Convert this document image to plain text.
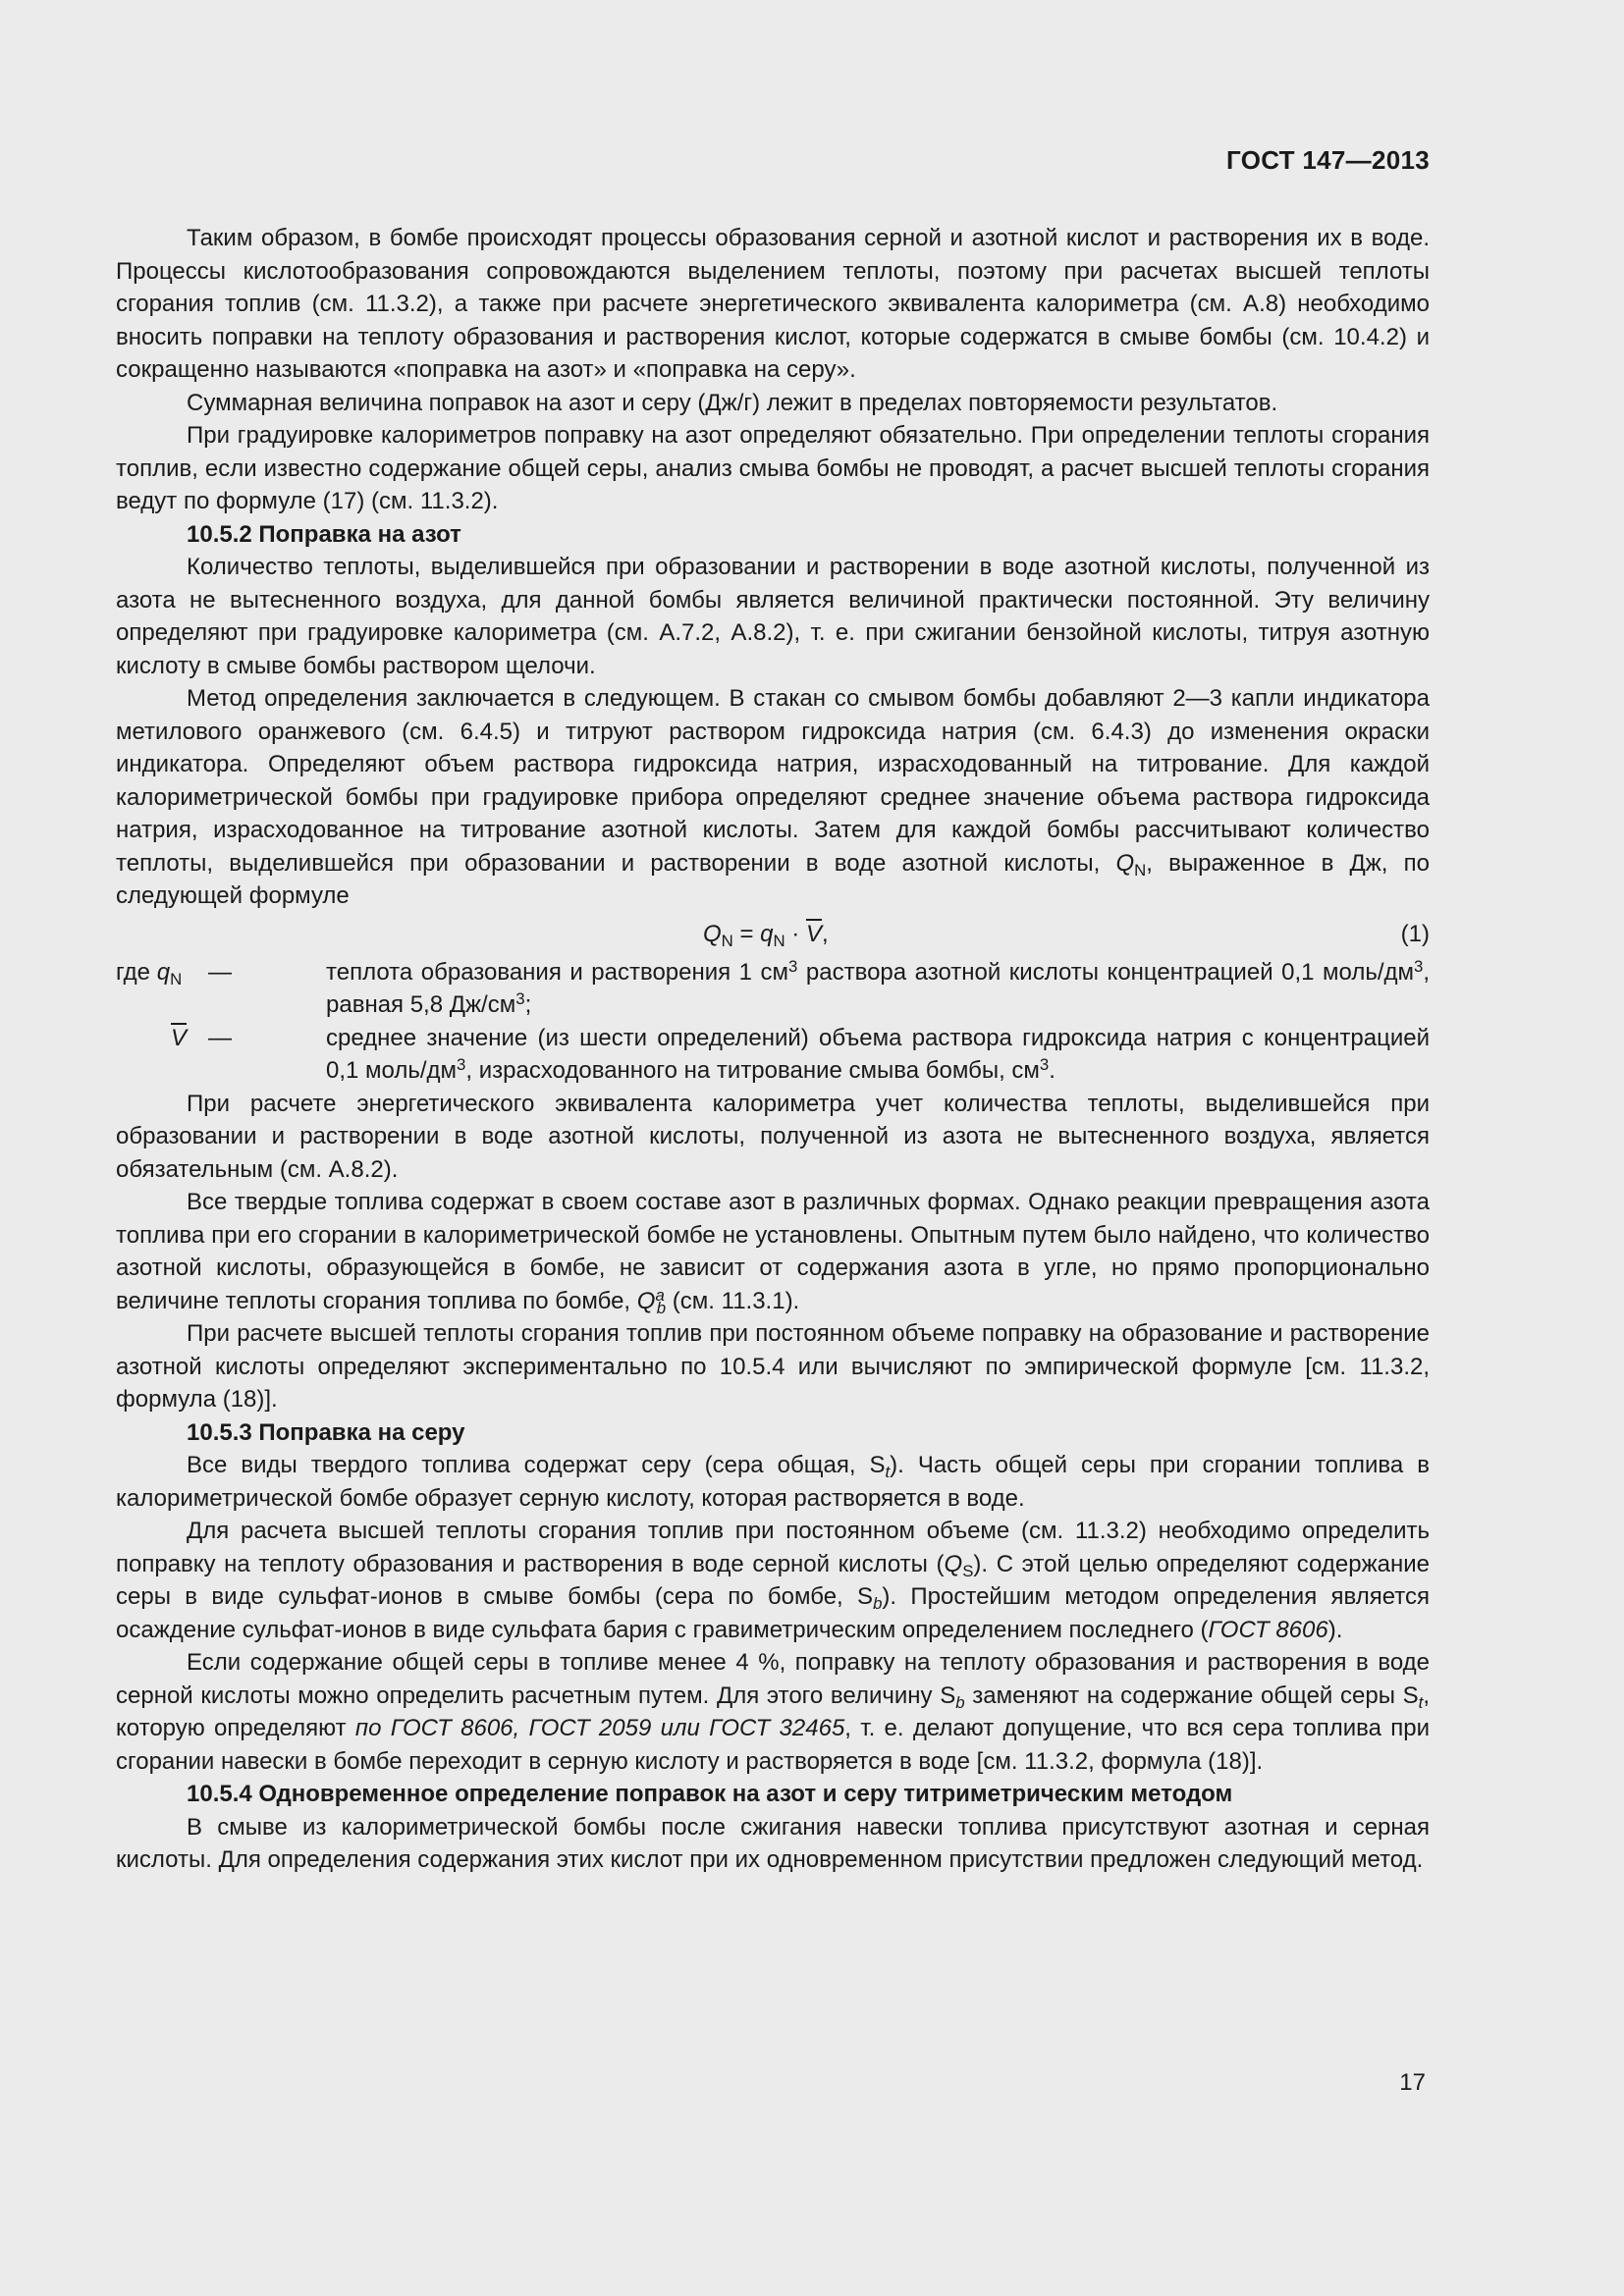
ГОСТ 147—2013

Таким образом, в бомбе происходят процессы образования серной и азотной кислот и растворения их в воде. Процессы кислотообразования сопровождаются выделением теплоты, поэтому при расчетах высшей теплоты сгорания топлив (см. 11.3.2), а также при расчете энергетического эквивалента калориметра (см. А.8) необходимо вносить поправки на теплоту образования и растворения кислот, которые содержатся в смыве бомбы (см. 10.4.2) и сокращенно называются «поправка на азот» и «поправка на серу».

Суммарная величина поправок на азот и серу (Дж/г) лежит в пределах повторяемости результатов.

При градуировке калориметров поправку на азот определяют обязательно. При определении теплоты сгорания топлив, если известно содержание общей серы, анализ смыва бомбы не проводят, а расчет высшей теплоты сгорания ведут по формуле (17) (см. 11.3.2).

10.5.2 Поправка на азот

Количество теплоты, выделившейся при образовании и растворении в воде азотной кислоты, полученной из азота не вытесненного воздуха, для данной бомбы является величиной практически постоянной. Эту величину определяют при градуировке калориметра (см. А.7.2, А.8.2), т. е. при сжигании бензойной кислоты, титруя азотную кислоту в смыве бомбы раствором щелочи.

Метод определения заключается в следующем. В стакан со смывом бомбы добавляют 2—3 капли индикатора метилового оранжевого (см. 6.4.5) и титруют раствором гидроксида натрия (см. 6.4.3) до изменения окраски индикатора. Определяют объем раствора гидроксида натрия, израсходованный на титрование. Для каждой калориметрической бомбы при градуировке прибора определяют среднее значение объема раствора гидроксида натрия, израсходованное на титрование азотной кислоты. Затем для каждой бомбы рассчитывают количество теплоты, выделившейся при образовании и растворении в воде азотной кислоты, $Q_N$, выраженное в Дж, по следующей формуле

$Q_N = q_N \cdot \overline{V}$,	(1)
где $q_N$	—	теплота образования и растворения 1 $см^3$ раствора азотной кислоты концентрацией 0,1 моль/$дм^3$, равная 5,8 $Дж/см^3$;
$\overline{V}$ —	среднее значение (из шести определений) объема раствора гидроксида натрия с концентрацией 0,1 моль/$дм^3$, израсходованного на титрование смыва бомбы, $см^3$.

При расчете энергетического эквивалента калориметра учет количества теплоты, выделившейся при образовании и растворении в воде азотной кислоты, полученной из азота не вытесненного воздуха, является обязательным (см. А.8.2).

Все твердые топлива содержат в своем составе азот в различных формах. Однако реакции превращения азота топлива при его сгорании в калориметрической бомбе не установлены. Опытным путем было найдено, что количество азотной кислоты, образующейся в бомбе, не зависит от содержания азота в угле, но прямо пропорционально величине теплоты сгорания топлива по бомбе, $Q^a_b$ (см. 11.3.1).

При расчете высшей теплоты сгорания топлив при постоянном объеме поправку на образование и растворение азотной кислоты определяют экспериментально по 10.5.4 или вычисляют по эмпирической формуле [см. 11.3.2, формула (18)].

10.5.3 Поправка на серу

Все виды твердого топлива содержат серу (сера общая, $S_t$). Часть общей серы при сгорании топлива в калориметрической бомбе образует серную кислоту, которая растворяется в воде.

Для расчета высшей теплоты сгорания топлив при постоянном объеме (см. 11.3.2) необходимо определить поправку на теплоту образования и растворения в воде серной кислоты $(Q_S)$. С этой целью определяют содержание серы в виде сульфат-ионов в смыве бомбы (сера по бомбе, $S_b$). Простейшим методом определения является осаждение сульфат-ионов в виде сульфата бария с гравиметрическим определением последнего (ГОСТ 8606).

Если содержание общей серы в топливе менее 4 %, поправку на теплоту образования и растворения в воде серной кислоты можно определить расчетным путем. Для этого величину $S_b$ заменяют на содержание общей серы $S_t$, которую определяют по ГОСТ 8606, ГОСТ 2059 или ГОСТ 32465, т. е. делают допущение, что вся сера топлива при сгорании навески в бомбе переходит в серную кислоту и растворяется в воде [см. 11.3.2, формула (18)].

10.5.4 Одновременное определение поправок на азот и серу титриметрическим методом

В смыве из калориметрической бомбы после сжигания навески топлива присутствуют азотная и серная кислоты. Для определения содержания этих кислот при их одновременном присутствии предложен следующий метод.

17
